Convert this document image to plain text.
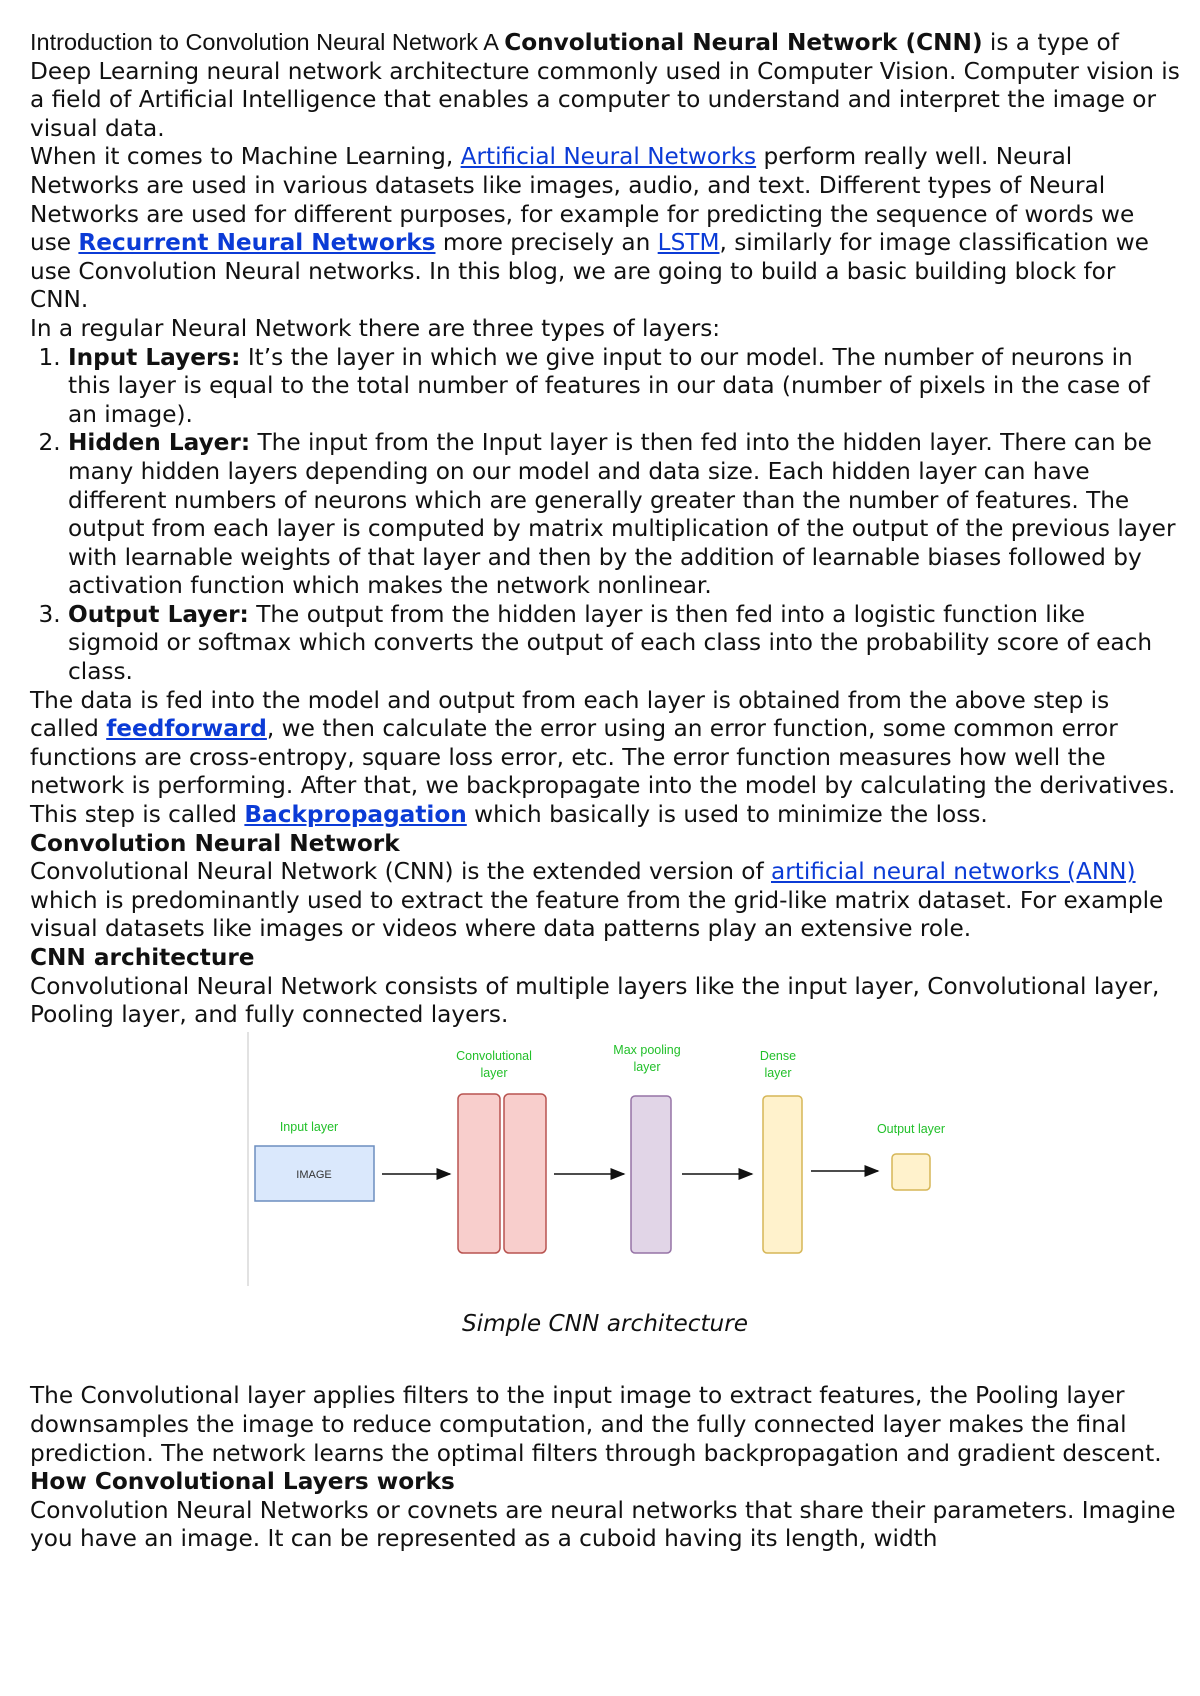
Introduction to Convolution Neural Network A Convolutional Neural Network (CNN) is a type of Deep Learning neural network architecture commonly used in Computer Vision. Computer vision is a field of Artificial Intelligence that enables a computer to understand and interpret the image or visual data.

When it comes to Machine Learning, Artificial Neural Networks perform really well. Neural Networks are used in various datasets like images, audio, and text. Different types of Neural Networks are used for different purposes, for example for predicting the sequence of words we use Recurrent Neural Networks more precisely an LSTM, similarly for image classification we use Convolution Neural networks. In this blog, we are going to build a basic building block for CNN.

In a regular Neural Network there are three types of layers:

1. Input Layers: It’s the layer in which we give input to our model. The number of neurons in this layer is equal to the total number of features in our data (number of pixels in the case of an image).
2. Hidden Layer: The input from the Input layer is then fed into the hidden layer. There can be many hidden layers depending on our model and data size. Each hidden layer can have different numbers of neurons which are generally greater than the number of features. The output from each layer is computed by matrix multiplication of the output of the previous layer with learnable weights of that layer and then by the addition of learnable biases followed by activation function which makes the network nonlinear.
3. Output Layer: The output from the hidden layer is then fed into a logistic function like sigmoid or softmax which converts the output of each class into the probability score of each class.

The data is fed into the model and output from each layer is obtained from the above step is called feedforward, we then calculate the error using an error function, some common error functions are cross-entropy, square loss error, etc. The error function measures how well the network is performing. After that, we backpropagate into the model by calculating the derivatives. This step is called Backpropagation which basically is used to minimize the loss.

Convolution Neural Network

Convolutional Neural Network (CNN) is the extended version of artificial neural networks (ANN) which is predominantly used to extract the feature from the grid-like matrix dataset. For example visual datasets like images or videos where data patterns play an extensive role.

CNN architecture

Convolutional Neural Network consists of multiple layers like the input layer, Convolutional layer, Pooling layer, and fully connected layers.

Input layer
IMAGE
Convolutional
layer
Max pooling
layer
Dense
layer
Output layer

Simple CNN architecture

The Convolutional layer applies filters to the input image to extract features, the Pooling layer downsamples the image to reduce computation, and the fully connected layer makes the final prediction. The network learns the optimal filters through backpropagation and gradient descent.

How Convolutional Layers works

Convolution Neural Networks or covnets are neural networks that share their parameters. Imagine you have an image. It can be represented as a cuboid having its length, width
